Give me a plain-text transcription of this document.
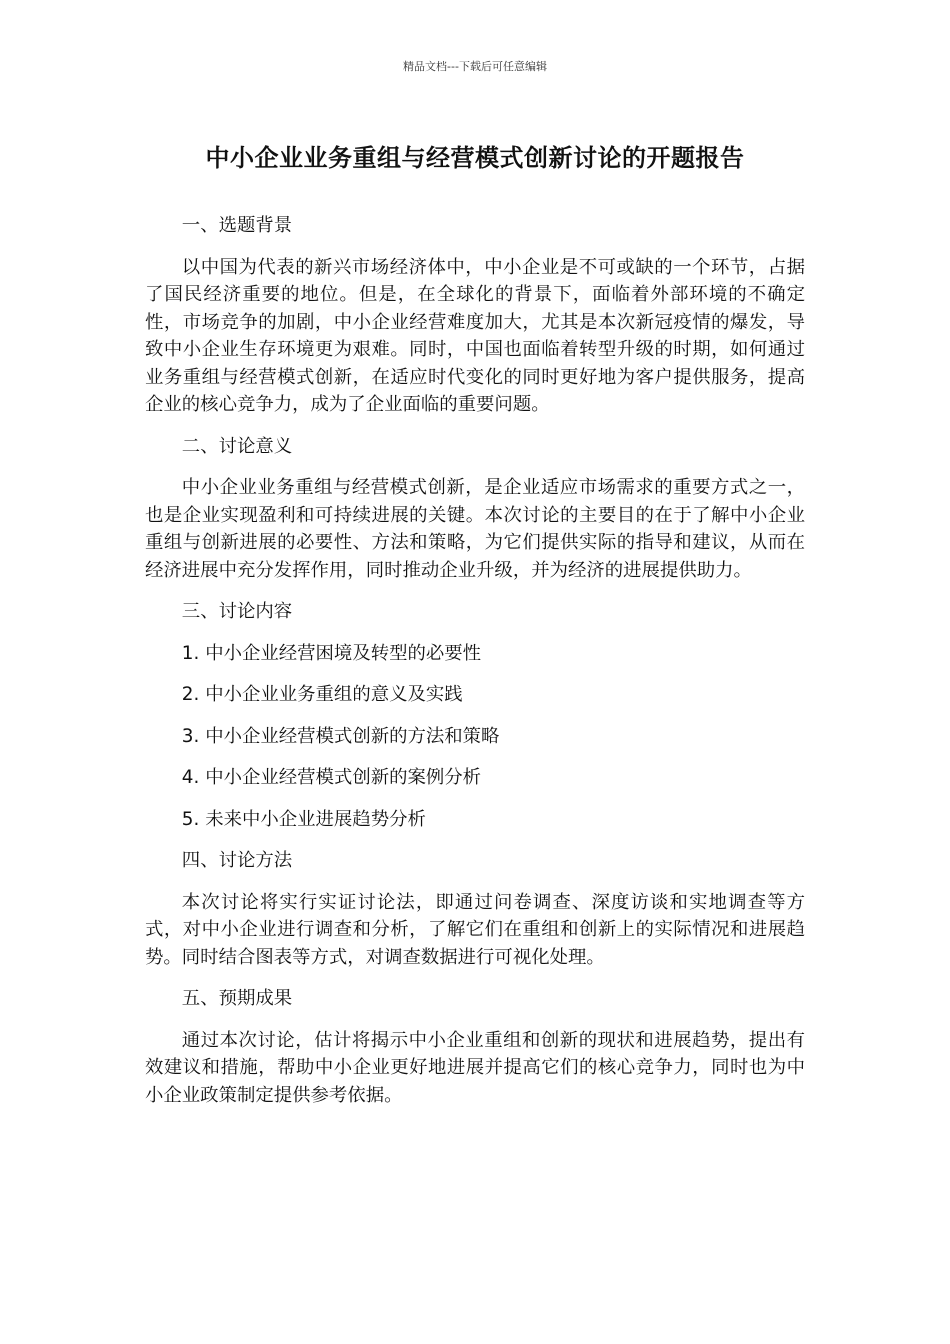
精品文档---下载后可任意编辑
中小企业业务重组与经营模式创新讨论的开题报告

一、选题背景

以中国为代表的新兴市场经济体中，中小企业是不可或缺的一个环节，占据了国民经济重要的地位。但是，在全球化的背景下，面临着外部环境的不确定性，市场竞争的加剧，中小企业经营难度加大，尤其是本次新冠疫情的爆发，导致中小企业生存环境更为艰难。同时，中国也面临着转型升级的时期，如何通过业务重组与经营模式创新，在适应时代变化的同时更好地为客户提供服务，提高企业的核心竞争力，成为了企业面临的重要问题。

二、讨论意义

中小企业业务重组与经营模式创新，是企业适应市场需求的重要方式之一，也是企业实现盈利和可持续进展的关键。本次讨论的主要目的在于了解中小企业重组与创新进展的必要性、方法和策略，为它们提供实际的指导和建议，从而在经济进展中充分发挥作用，同时推动企业升级，并为经济的进展提供助力。

三、讨论内容

1. 中小企业经营困境及转型的必要性

2. 中小企业业务重组的意义及实践

3. 中小企业经营模式创新的方法和策略

4. 中小企业经营模式创新的案例分析

5. 未来中小企业进展趋势分析

四、讨论方法

本次讨论将实行实证讨论法，即通过问卷调查、深度访谈和实地调查等方式，对中小企业进行调查和分析，了解它们在重组和创新上的实际情况和进展趋势。同时结合图表等方式，对调查数据进行可视化处理。

五、预期成果

通过本次讨论，估计将揭示中小企业重组和创新的现状和进展趋势，提出有效建议和措施，帮助中小企业更好地进展并提高它们的核心竞争力，同时也为中小企业政策制定提供参考依据。
